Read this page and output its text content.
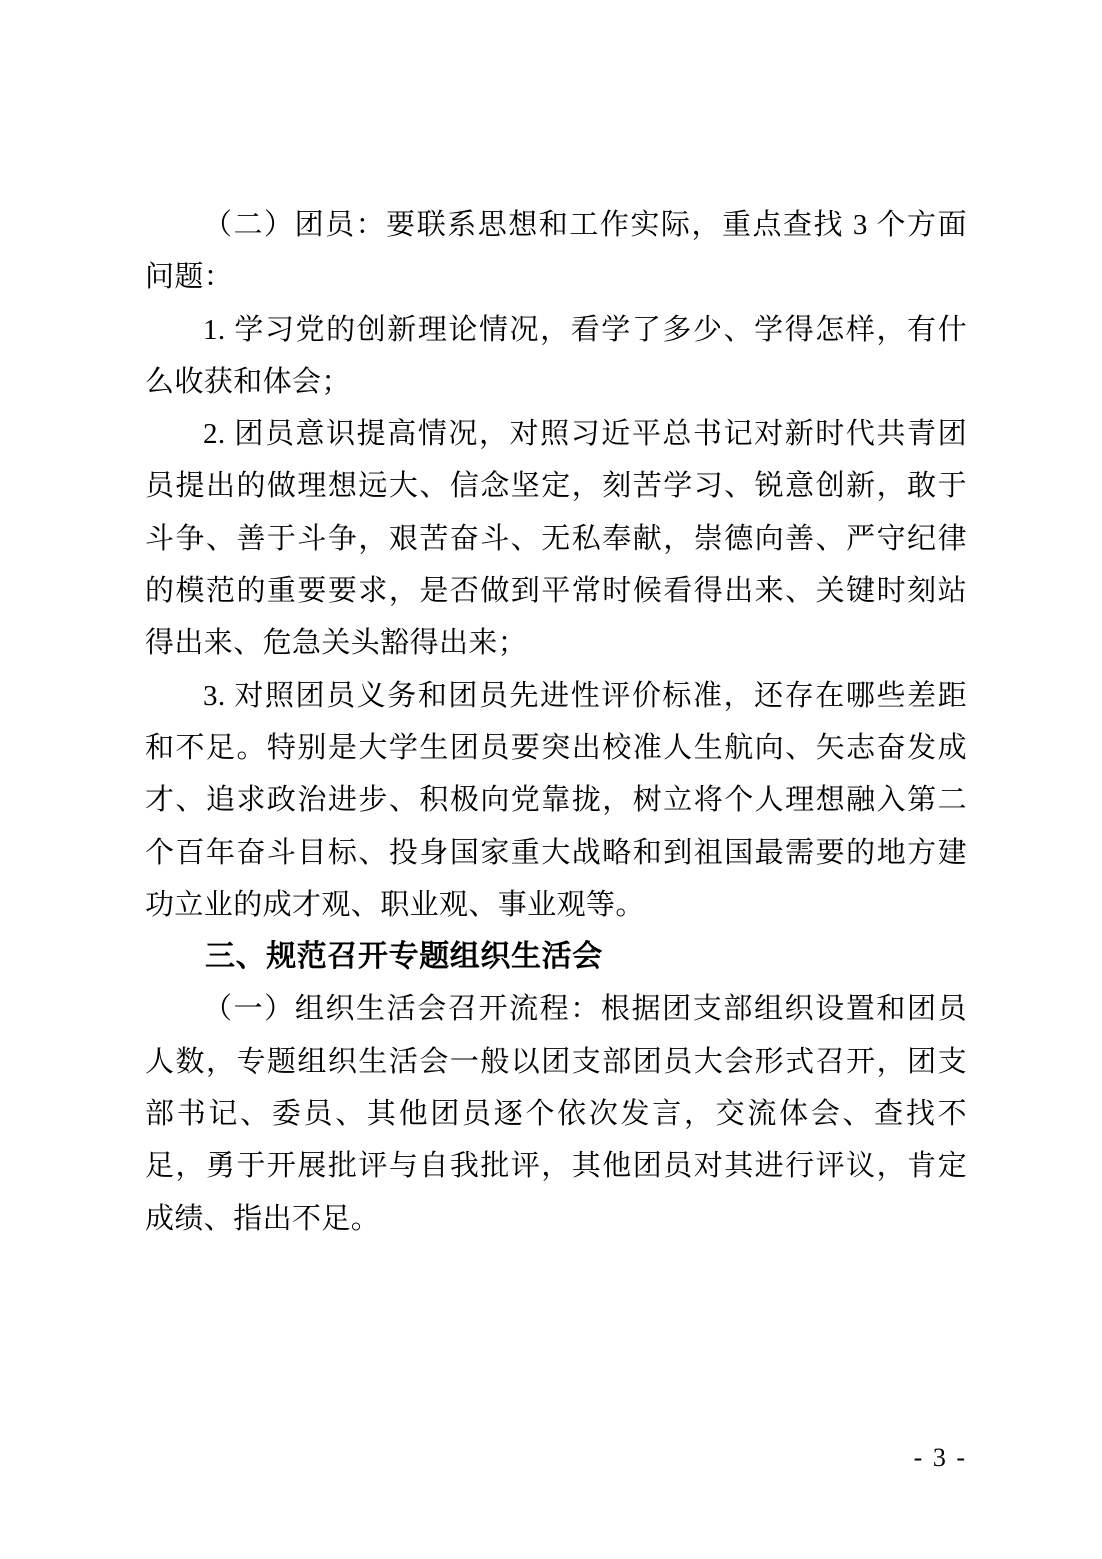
（二）团员：要联系思想和工作实际，重点查找 3 个方面问题：

1. 学习党的创新理论情况，看学了多少、学得怎样，有什么收获和体会；

2. 团员意识提高情况，对照习近平总书记对新时代共青团员提出的做理想远大、信念坚定，刻苦学习、锐意创新，敢于斗争、善于斗争，艰苦奋斗、无私奉献，崇德向善、严守纪律的模范的重要要求，是否做到平常时候看得出来、关键时刻站得出来、危急关头豁得出来；

3. 对照团员义务和团员先进性评价标准，还存在哪些差距和不足。特别是大学生团员要突出校准人生航向、矢志奋发成才、追求政治进步、积极向党靠拢，树立将个人理想融入第二个百年奋斗目标、投身国家重大战略和到祖国最需要的地方建功立业的成才观、职业观、事业观等。

三、规范召开专题组织生活会

（一）组织生活会召开流程：根据团支部组织设置和团员人数，专题组织生活会一般以团支部团员大会形式召开，团支部书记、委员、其他团员逐个依次发言，交流体会、查找不足，勇于开展批评与自我批评，其他团员对其进行评议，肯定成绩、指出不足。

- 3 -
